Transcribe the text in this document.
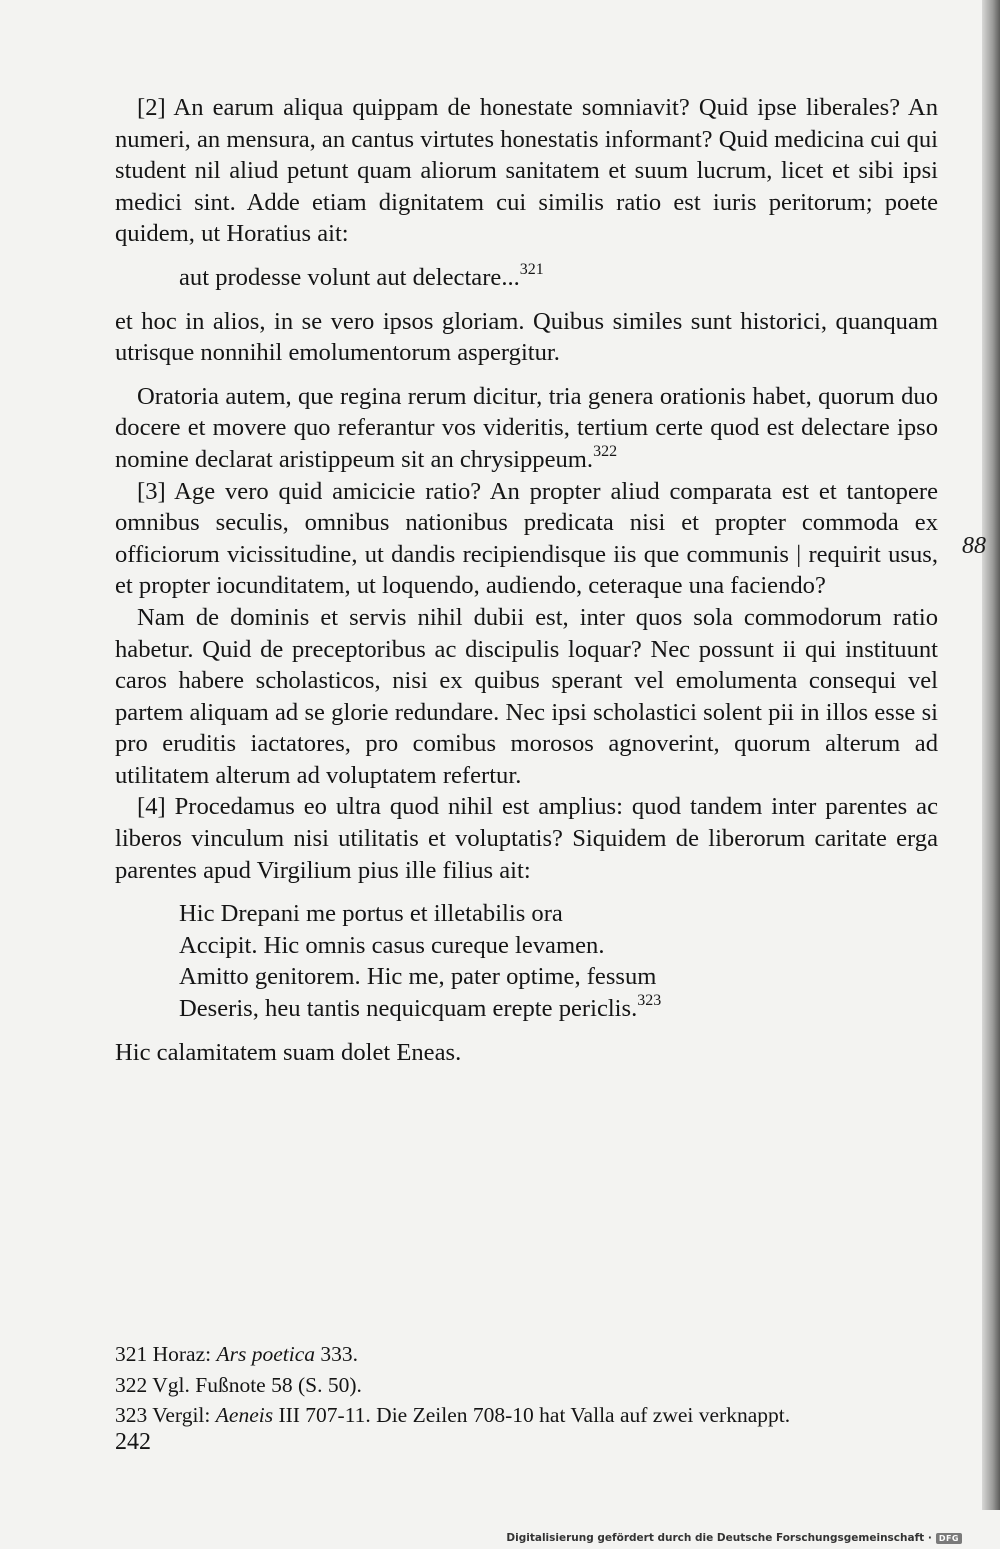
[2] An earum aliqua quippam de honestate somniavit? Quid ipse liberales? An numeri, an mensura, an cantus virtutes honestatis informant? Quid medicina cui qui student nil aliud petunt quam aliorum sanitatem et suum lucrum, licet et sibi ipsi medici sint. Adde etiam dignitatem cui similis ratio est iuris peritorum; poete quidem, ut Horatius ait:

aut prodesse volunt aut delectare...$^{321}$

et hoc in alios, in se vero ipsos gloriam. Quibus similes sunt historici, quanquam utrisque nonnihil emolumentorum aspergitur.

Oratoria autem, que regina rerum dicitur, tria genera orationis habet, quorum duo docere et movere quo referantur vos videritis, tertium certe quod est delectare ipso nomine declarat aristippeum sit an chrysippeum.$^{322}$

[3] Age vero quid amicicie ratio? An propter aliud comparata est et tantopere omnibus seculis, omnibus nationibus predicata nisi et propter commoda ex officiorum vicissitudine, ut dandis recipiendisque iis que communis | requirit usus, et propter iocunditatem, ut loquendo, audiendo, ceteraque una faciendo?

Nam de dominis et servis nihil dubii est, inter quos sola commodorum ratio habetur. Quid de preceptoribus ac discipulis loquar? Nec possunt ii qui instituunt caros habere scholasticos, nisi ex quibus sperant vel emolumenta consequi vel partem aliquam ad se glorie redundare. Nec ipsi scholastici solent pii in illos esse si pro eruditis iactatores, pro comibus morosos agnoverint, quorum alterum ad utilitatem alterum ad voluptatem refertur.

[4] Procedamus eo ultra quod nihil est amplius: quod tandem inter parentes ac liberos vinculum nisi utilitatis et voluptatis? Siquidem de liberorum caritate erga parentes apud Virgilium pius ille filius ait:

Hic Drepani me portus et illetabilis ora
Accipit. Hic omnis casus cureque levamen.
Amitto genitorem. Hic me, pater optime, fessum
Deseris, heu tantis nequicquam erepte periclis.$^{323}$

Hic calamitatem suam dolet Eneas.

88
321 Horaz: Ars poetica 333.
322 Vgl. Fußnote 58 (S. 50).
323 Vergil: Aeneis III 707-11. Die Zeilen 708-10 hat Valla auf zwei verknappt.
242
Digitalisierung gefördert durch die Deutsche Forschungsgemeinschaft · DFG
